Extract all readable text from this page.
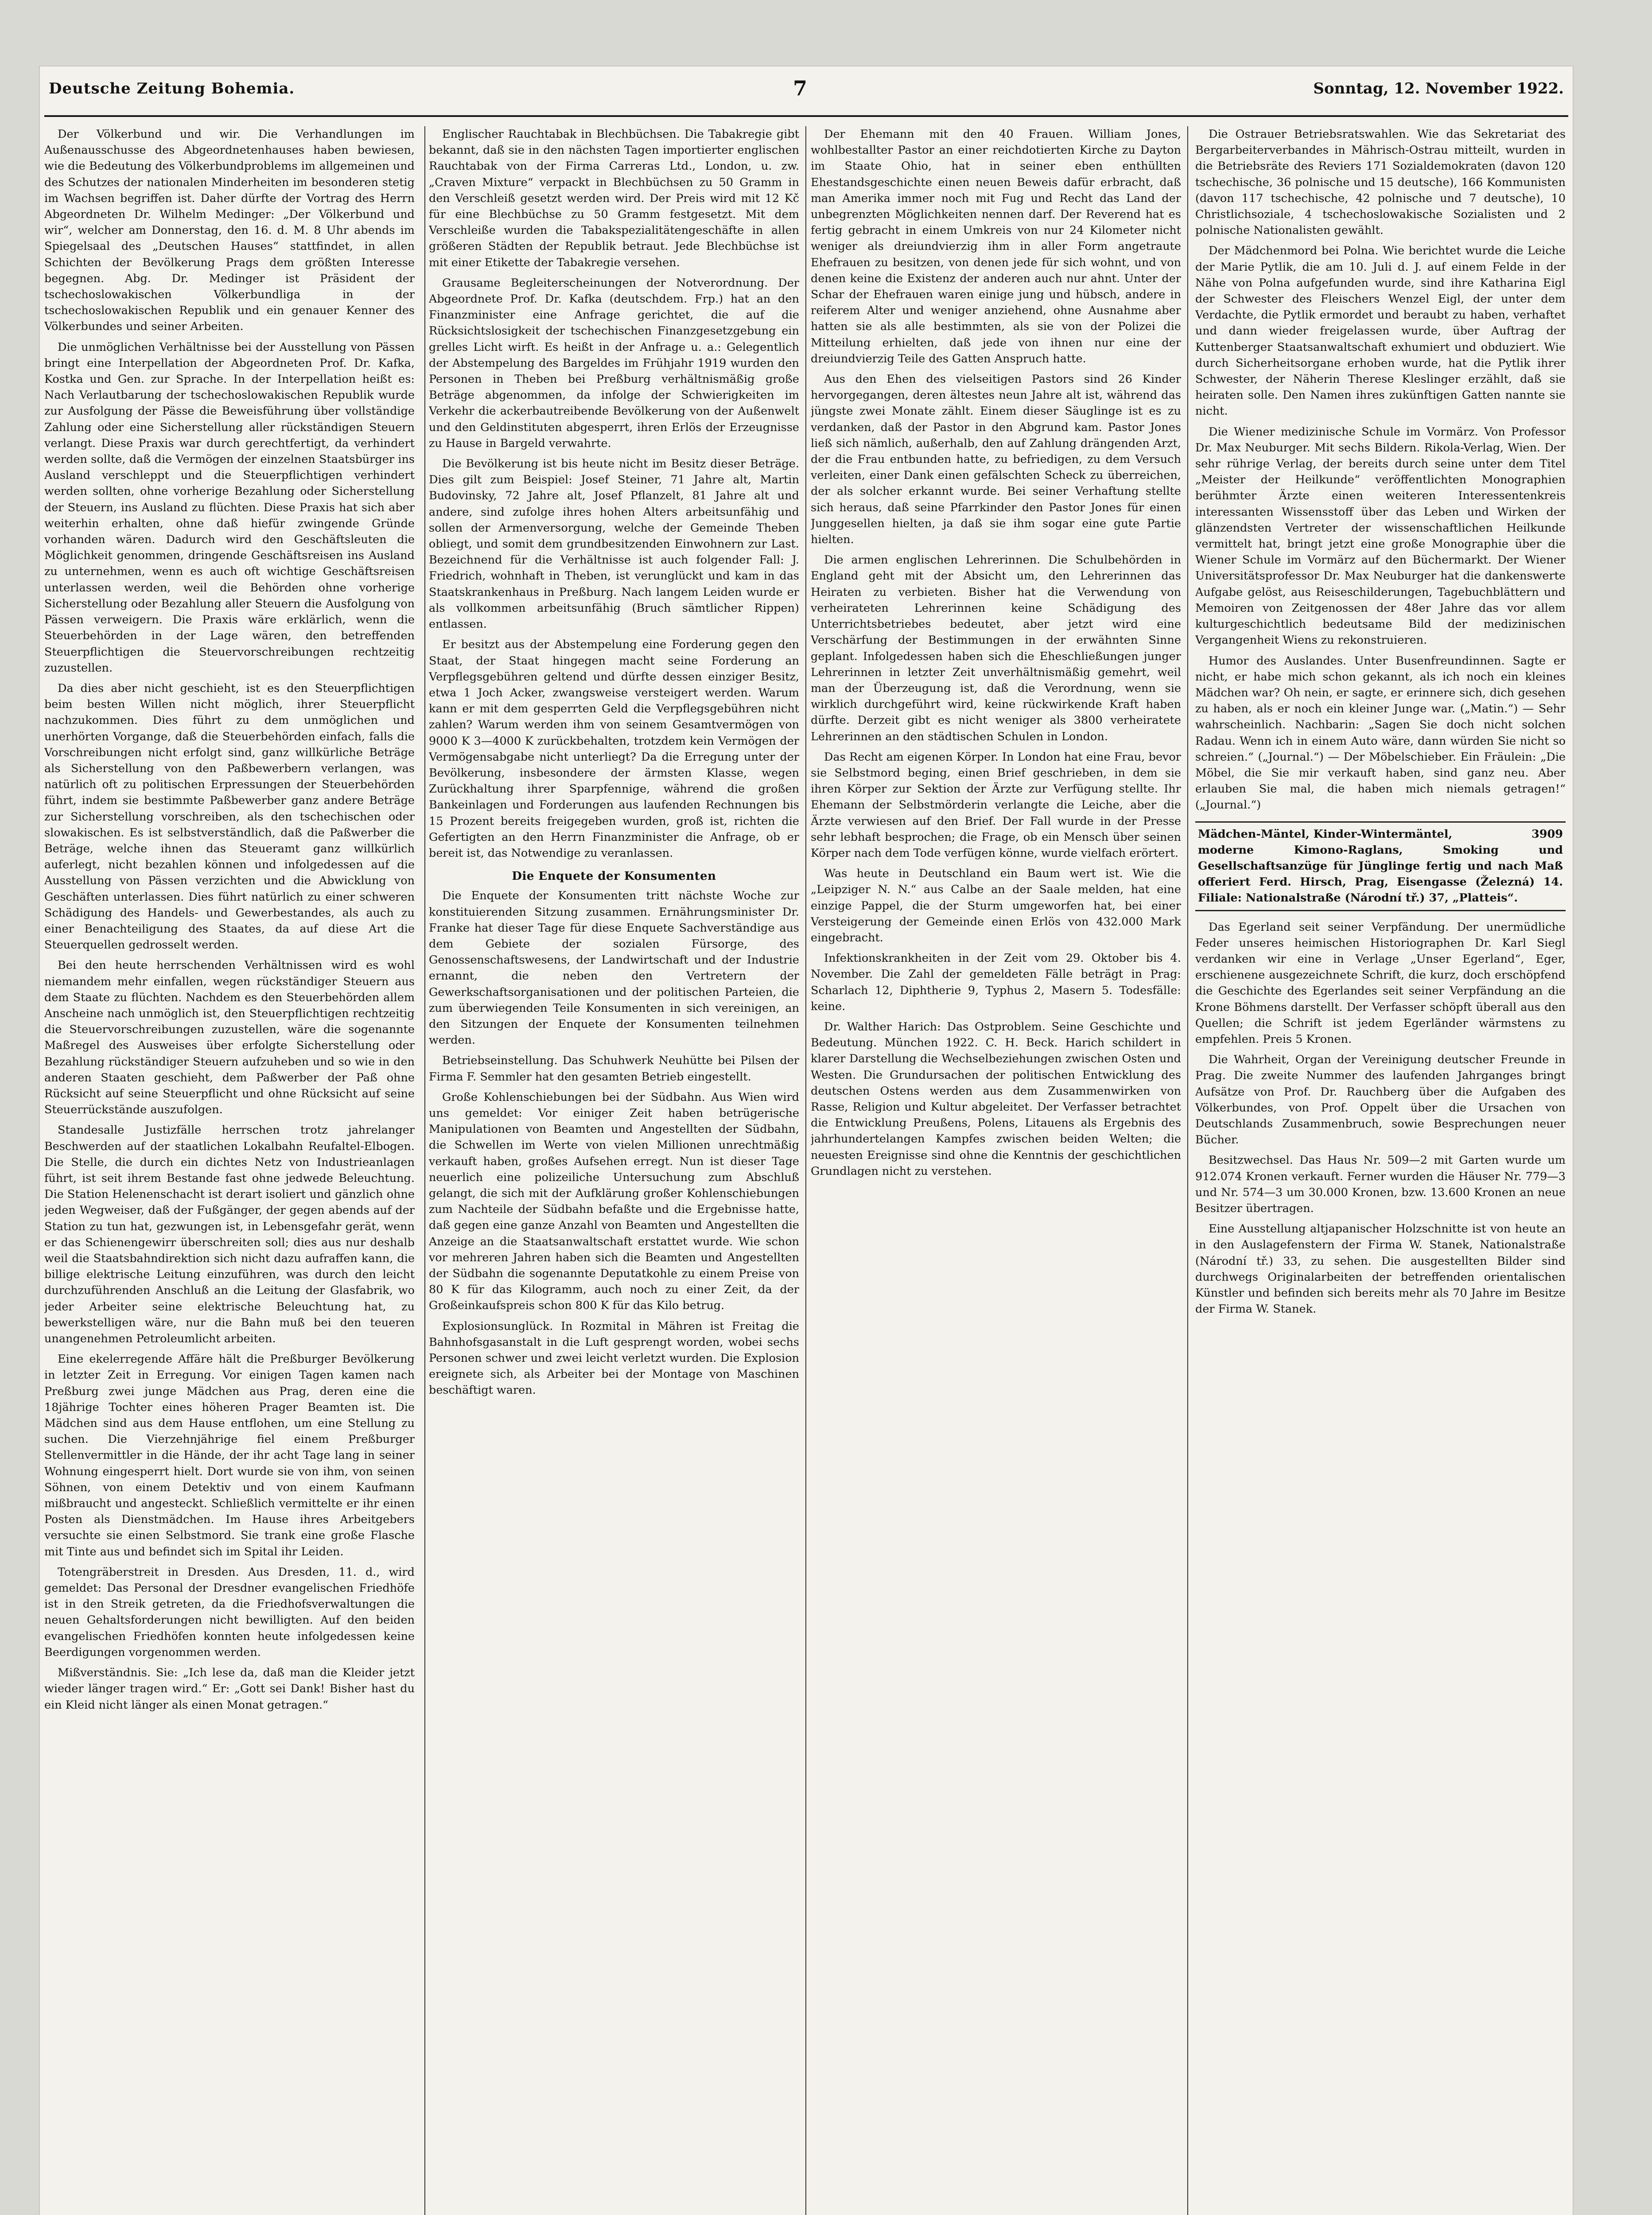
Deutsche Zeitung Bohemia.	7	Sonntag, 12. November 1922.

Der Völkerbund und wir. Die Verhandlungen im Außenausschusse des Abgeordnetenhauses haben bewiesen, wie die Bedeutung des Völkerbundproblems im allgemeinen und des Schutzes der nationalen Minderheiten im besonderen stetig im Wachsen begriffen ist. Daher dürfte der Vortrag des Herrn Abgeordneten Dr. Wilhelm Medinger: „Der Völkerbund und wir“, welcher am Donnerstag, den 16. d. M. 8 Uhr abends im Spiegelsaal des „Deutschen Hauses“ stattfindet, in allen Schichten der Bevölkerung Prags dem größten Interesse begegnen. Abg. Dr. Medinger ist Präsident der tschechoslowakischen Völkerbundliga in der tschechoslowakischen Republik und ein genauer Kenner des Völkerbundes und seiner Arbeiten.

Die unmöglichen Verhältnisse bei der Ausstellung von Pässen bringt eine Interpellation der Abgeordneten Prof. Dr. Kafka, Kostka und Gen. zur Sprache. In der Interpellation heißt es: Nach Verlautbarung der tschechoslowakischen Republik wurde zur Ausfolgung der Pässe die Beweisführung über vollständige Zahlung oder eine Sicherstellung aller rückständigen Steuern verlangt. Diese Praxis war durch gerechtfertigt, da verhindert werden sollte, daß die Vermögen der einzelnen Staatsbürger ins Ausland verschleppt und die Steuerpflichtigen verhindert werden sollten, ohne vorherige Bezahlung oder Sicherstellung der Steuern, ins Ausland zu flüchten. Diese Praxis hat sich aber weiterhin erhalten, ohne daß hiefür zwingende Gründe vorhanden wären. Dadurch wird den Geschäftsleuten die Möglichkeit genommen, dringende Geschäftsreisen ins Ausland zu unternehmen, wenn es auch oft wichtige Geschäftsreisen unterlassen werden, weil die Behörden ohne vorherige Sicherstellung oder Bezahlung aller Steuern die Ausfolgung von Pässen verweigern. Die Praxis wäre erklärlich, wenn die Steuerbehörden in der Lage wären, den betreffenden Steuerpflichtigen die Steuervorschreibungen rechtzeitig zuzustellen.

Da dies aber nicht geschieht, ist es den Steuerpflichtigen beim besten Willen nicht möglich, ihrer Steuerpflicht nachzukommen. Dies führt zu dem unmöglichen und unerhörten Vorgange, daß die Steuerbehörden einfach, falls die Vorschreibungen nicht erfolgt sind, ganz willkürliche Beträge als Sicherstellung von den Paßbewerbern verlangen, was natürlich oft zu politischen Erpressungen der Steuerbehörden führt, indem sie bestimmte Paßbewerber ganz andere Beträge zur Sicherstellung vorschreiben, als den tschechischen oder slowakischen. Es ist selbstverständlich, daß die Paßwerber die Beträge, welche ihnen das Steueramt ganz willkürlich auferlegt, nicht bezahlen können und infolgedessen auf die Ausstellung von Pässen verzichten und die Abwicklung von Geschäften unterlassen. Dies führt natürlich zu einer schweren Schädigung des Handels- und Gewerbestandes, als auch zu einer Benachteiligung des Staates, da auf diese Art die Steuerquellen gedrosselt werden.

Bei den heute herrschenden Verhältnissen wird es wohl niemandem mehr einfallen, wegen rückständiger Steuern aus dem Staate zu flüchten. Nachdem es den Steuerbehörden allem Anscheine nach unmöglich ist, den Steuerpflichtigen rechtzeitig die Steuervorschreibungen zuzustellen, wäre die sogenannte Maßregel des Ausweises über erfolgte Sicherstellung oder Bezahlung rückständiger Steuern aufzuheben und so wie in den anderen Staaten geschieht, dem Paßwerber der Paß ohne Rücksicht auf seine Steuerpflicht und ohne Rücksicht auf seine Steuerrückstände auszufolgen.

Standesalle Justizfälle herrschen trotz jahrelanger Beschwerden auf der staatlichen Lokalbahn Reufaltel-Elbogen. Die Stelle, die durch ein dichtes Netz von Industrieanlagen führt, ist seit ihrem Bestande fast ohne jedwede Beleuchtung. Die Station Helenenschacht ist derart isoliert und gänzlich ohne jeden Wegweiser, daß der Fußgänger, der gegen abends auf der Station zu tun hat, gezwungen ist, in Lebensgefahr gerät, wenn er das Schienengewirr überschreiten soll; dies aus nur deshalb weil die Staatsbahndirektion sich nicht dazu aufraffen kann, die billige elektrische Leitung einzuführen, was durch den leicht durchzuführenden Anschluß an die Leitung der Glasfabrik, wo jeder Arbeiter seine elektrische Beleuchtung hat, zu bewerkstelligen wäre, nur die Bahn muß bei den teueren unangenehmen Petroleumlicht arbeiten.

Eine ekelerregende Affäre hält die Preßburger Bevölkerung in letzter Zeit in Erregung. Vor einigen Tagen kamen nach Preßburg zwei junge Mädchen aus Prag, deren eine die 18jährige Tochter eines höheren Prager Beamten ist. Die Mädchen sind aus dem Hause entflohen, um eine Stellung zu suchen. Die Vierzehnjährige fiel einem Preßburger Stellenvermittler in die Hände, der ihr acht Tage lang in seiner Wohnung eingesperrt hielt. Dort wurde sie von ihm, von seinen Söhnen, von einem Detektiv und von einem Kaufmann mißbraucht und angesteckt. Schließlich vermittelte er ihr einen Posten als Dienstmädchen. Im Hause ihres Arbeitgebers versuchte sie einen Selbstmord. Sie trank eine große Flasche mit Tinte aus und befindet sich im Spital ihr Leiden.

Totengräberstreit in Dresden. Aus Dresden, 11. d., wird gemeldet: Das Personal der Dresdner evangelischen Friedhöfe ist in den Streik getreten, da die Friedhofsverwaltungen die neuen Gehaltsforderungen nicht bewilligten. Auf den beiden evangelischen Friedhöfen konnten heute infolgedessen keine Beerdigungen vorgenommen werden.

Mißverständnis. Sie: „Ich lese da, daß man die Kleider jetzt wieder länger tragen wird.“ Er: „Gott sei Dank! Bisher hast du ein Kleid nicht länger als einen Monat getragen.“

Englischer Rauchtabak in Blechbüchsen. Die Tabakregie gibt bekannt, daß sie in den nächsten Tagen importierter englischen Rauchtabak von der Firma Carreras Ltd., London, u. zw. „Craven Mixture“ verpackt in Blechbüchsen zu 50 Gramm in den Verschleiß gesetzt werden wird. Der Preis wird mit 12 Kč für eine Blechbüchse zu 50 Gramm festgesetzt. Mit dem Verschleiße wurden die Tabakspezialitätengeschäfte in allen größeren Städten der Republik betraut. Jede Blechbüchse ist mit einer Etikette der Tabakregie versehen.

Grausame Begleiterscheinungen der Notverordnung. Der Abgeordnete Prof. Dr. Kafka (deutschdem. Frp.) hat an den Finanzminister eine Anfrage gerichtet, die auf die Rücksichtslosigkeit der tschechischen Finanzgesetzgebung ein grelles Licht wirft. Es heißt in der Anfrage u. a.: Gelegentlich der Abstempelung des Bargeldes im Frühjahr 1919 wurden den Personen in Theben bei Preßburg verhältnismäßig große Beträge abgenommen, da infolge der Schwierigkeiten im Verkehr die ackerbautreibende Bevölkerung von der Außenwelt und den Geldinstituten abgesperrt, ihren Erlös der Erzeugnisse zu Hause in Bargeld verwahrte.

Die Bevölkerung ist bis heute nicht im Besitz dieser Beträge. Dies gilt zum Beispiel: Josef Steiner, 71 Jahre alt, Martin Budovinsky, 72 Jahre alt, Josef Pflanzelt, 81 Jahre alt und andere, sind zufolge ihres hohen Alters arbeitsunfähig und sollen der Armenversorgung, welche der Gemeinde Theben obliegt, und somit dem grundbesitzenden Einwohnern zur Last. Bezeichnend für die Verhältnisse ist auch folgender Fall: J. Friedrich, wohnhaft in Theben, ist verunglückt und kam in das Staatskrankenhaus in Preßburg. Nach langem Leiden wurde er als vollkommen arbeitsunfähig (Bruch sämtlicher Rippen) entlassen.

Er besitzt aus der Abstempelung eine Forderung gegen den Staat, der Staat hingegen macht seine Forderung an Verpflegsgebühren geltend und dürfte dessen einziger Besitz, etwa 1 Joch Acker, zwangsweise versteigert werden. Warum kann er mit dem gesperrten Geld die Verpflegsgebühren nicht zahlen? Warum werden ihm von seinem Gesamtvermögen von 9000 K 3—4000 K zurückbehalten, trotzdem kein Vermögen der Vermögensabgabe nicht unterliegt? Da die Erregung unter der Bevölkerung, insbesondere der ärmsten Klasse, wegen Zurückhaltung ihrer Sparpfennige, während die großen Bankeinlagen und Forderungen aus laufenden Rechnungen bis 15 Prozent bereits freigegeben wurden, groß ist, richten die Gefertigten an den Herrn Finanzminister die Anfrage, ob er bereit ist, das Notwendige zu veranlassen.

Die Enquete der Konsumenten

Die Enquete der Konsumenten tritt nächste Woche zur konstituierenden Sitzung zusammen. Ernährungsminister Dr. Franke hat dieser Tage für diese Enquete Sachverständige aus dem Gebiete der sozialen Fürsorge, des Genossenschaftswesens, der Landwirtschaft und der Industrie ernannt, die neben den Vertretern der Gewerkschaftsorganisationen und der politischen Parteien, die zum überwiegenden Teile Konsumenten in sich vereinigen, an den Sitzungen der Enquete der Konsumenten teilnehmen werden.

Betriebseinstellung. Das Schuhwerk Neuhütte bei Pilsen der Firma F. Semmler hat den gesamten Betrieb eingestellt.

Große Kohlenschiebungen bei der Südbahn. Aus Wien wird uns gemeldet: Vor einiger Zeit haben betrügerische Manipulationen von Beamten und Angestellten der Südbahn, die Schwellen im Werte von vielen Millionen unrechtmäßig verkauft haben, großes Aufsehen erregt. Nun ist dieser Tage neuerlich eine polizeiliche Untersuchung zum Abschluß gelangt, die sich mit der Aufklärung großer Kohlenschiebungen zum Nachteile der Südbahn befaßte und die Ergebnisse hatte, daß gegen eine ganze Anzahl von Beamten und Angestellten die Anzeige an die Staatsanwaltschaft erstattet wurde. Wie schon vor mehreren Jahren haben sich die Beamten und Angestellten der Südbahn die sogenannte Deputatkohle zu einem Preise von 80 K für das Kilogramm, auch noch zu einer Zeit, da der Großeinkaufspreis schon 800 K für das Kilo betrug.

Explosionsunglück. In Rozmital in Mähren ist Freitag die Bahnhofsgasanstalt in die Luft gesprengt worden, wobei sechs Personen schwer und zwei leicht verletzt wurden. Die Explosion ereignete sich, als Arbeiter bei der Montage von Maschinen beschäftigt waren.

Der Ehemann mit den 40 Frauen. William Jones, wohlbestallter Pastor an einer reichdotierten Kirche zu Dayton im Staate Ohio, hat in seiner eben enthüllten Ehestandsgeschichte einen neuen Beweis dafür erbracht, daß man Amerika immer noch mit Fug und Recht das Land der unbegrenzten Möglichkeiten nennen darf. Der Reverend hat es fertig gebracht in einem Umkreis von nur 24 Kilometer nicht weniger als dreiundvierzig ihm in aller Form angetraute Ehefrauen zu besitzen, von denen jede für sich wohnt, und von denen keine die Existenz der anderen auch nur ahnt. Unter der Schar der Ehefrauen waren einige jung und hübsch, andere in reiferem Alter und weniger anziehend, ohne Ausnahme aber hatten sie als alle bestimmten, als sie von der Polizei die Mitteilung erhielten, daß jede von ihnen nur eine der dreiundvierzig Teile des Gatten Anspruch hatte.

Aus den Ehen des vielseitigen Pastors sind 26 Kinder hervorgegangen, deren ältestes neun Jahre alt ist, während das jüngste zwei Monate zählt. Einem dieser Säuglinge ist es zu verdanken, daß der Pastor in den Abgrund kam. Pastor Jones ließ sich nämlich, außerhalb, den auf Zahlung drängenden Arzt, der die Frau entbunden hatte, zu befriedigen, zu dem Versuch verleiten, einer Dank einen gefälschten Scheck zu überreichen, der als solcher erkannt wurde. Bei seiner Verhaftung stellte sich heraus, daß seine Pfarrkinder den Pastor Jones für einen Junggesellen hielten, ja daß sie ihm sogar eine gute Partie hielten.

Die armen englischen Lehrerinnen. Die Schulbehörden in England geht mit der Absicht um, den Lehrerinnen das Heiraten zu verbieten. Bisher hat die Verwendung von verheirateten Lehrerinnen keine Schädigung des Unterrichtsbetriebes bedeutet, aber jetzt wird eine Verschärfung der Bestimmungen in der erwähnten Sinne geplant. Infolgedessen haben sich die Eheschließungen junger Lehrerinnen in letzter Zeit unverhältnismäßig gemehrt, weil man der Überzeugung ist, daß die Verordnung, wenn sie wirklich durchgeführt wird, keine rückwirkende Kraft haben dürfte. Derzeit gibt es nicht weniger als 3800 verheiratete Lehrerinnen an den städtischen Schulen in London.

Das Recht am eigenen Körper. In London hat eine Frau, bevor sie Selbstmord beging, einen Brief geschrieben, in dem sie ihren Körper zur Sektion der Ärzte zur Verfügung stellte. Ihr Ehemann der Selbstmörderin verlangte die Leiche, aber die Ärzte verwiesen auf den Brief. Der Fall wurde in der Presse sehr lebhaft besprochen; die Frage, ob ein Mensch über seinen Körper nach dem Tode verfügen könne, wurde vielfach erörtert.

Was heute in Deutschland ein Baum wert ist. Wie die „Leipziger N. N.“ aus Calbe an der Saale melden, hat eine einzige Pappel, die der Sturm umgeworfen hat, bei einer Versteigerung der Gemeinde einen Erlös von 432.000 Mark eingebracht.

Infektionskrankheiten in der Zeit vom 29. Oktober bis 4. November. Die Zahl der gemeldeten Fälle beträgt in Prag: Scharlach 12, Diphtherie 9, Typhus 2, Masern 5. Todesfälle: keine.

Dr. Walther Harich: Das Ostproblem. Seine Geschichte und Bedeutung. München 1922. C. H. Beck. Harich schildert in klarer Darstellung die Wechselbeziehungen zwischen Osten und Westen. Die Grundursachen der politischen Entwicklung des deutschen Ostens werden aus dem Zusammenwirken von Rasse, Religion und Kultur abgeleitet. Der Verfasser betrachtet die Entwicklung Preußens, Polens, Litauens als Ergebnis des jahrhundertelangen Kampfes zwischen beiden Welten; die neuesten Ereignisse sind ohne die Kenntnis der geschichtlichen Grundlagen nicht zu verstehen.

Die Ostrauer Betriebsratswahlen. Wie das Sekretariat des Bergarbeiterverbandes in Mährisch-Ostrau mitteilt, wurden in die Betriebsräte des Reviers 171 Sozialdemokraten (davon 120 tschechische, 36 polnische und 15 deutsche), 166 Kommunisten (davon 117 tschechische, 42 polnische und 7 deutsche), 10 Christlichsoziale, 4 tschechoslowakische Sozialisten und 2 polnische Nationalisten gewählt.

Der Mädchenmord bei Polna. Wie berichtet wurde die Leiche der Marie Pytlik, die am 10. Juli d. J. auf einem Felde in der Nähe von Polna aufgefunden wurde, sind ihre Katharina Eigl der Schwester des Fleischers Wenzel Eigl, der unter dem Verdachte, die Pytlik ermordet und beraubt zu haben, verhaftet und dann wieder freigelassen wurde, über Auftrag der Kuttenberger Staatsanwaltschaft exhumiert und obduziert. Wie durch Sicherheitsorgane erhoben wurde, hat die Pytlik ihrer Schwester, der Näherin Therese Kleslinger erzählt, daß sie heiraten solle. Den Namen ihres zukünftigen Gatten nannte sie nicht.

Die Wiener medizinische Schule im Vormärz. Von Professor Dr. Max Neuburger. Mit sechs Bildern. Rikola-Verlag, Wien. Der sehr rührige Verlag, der bereits durch seine unter dem Titel „Meister der Heilkunde“ veröffentlichten Monographien berühmter Ärzte einen weiteren Interessentenkreis interessanten Wissensstoff über das Leben und Wirken der glänzendsten Vertreter der wissenschaftlichen Heilkunde vermittelt hat, bringt jetzt eine große Monographie über die Wiener Schule im Vormärz auf den Büchermarkt. Der Wiener Universitätsprofessor Dr. Max Neuburger hat die dankenswerte Aufgabe gelöst, aus Reiseschilderungen, Tagebuchblättern und Memoiren von Zeitgenossen der 48er Jahre das vor allem kulturgeschichtlich bedeutsame Bild der medizinischen Vergangenheit Wiens zu rekonstruieren.

Humor des Auslandes. Unter Busenfreundinnen. Sagte er nicht, er habe mich schon gekannt, als ich noch ein kleines Mädchen war? Oh nein, er sagte, er erinnere sich, dich gesehen zu haben, als er noch ein kleiner Junge war. („Matin.“) — Sehr wahrscheinlich. Nachbarin: „Sagen Sie doch nicht solchen Radau. Wenn ich in einem Auto wäre, dann würden Sie nicht so schreien.“ („Journal.“) — Der Möbelschieber. Ein Fräulein: „Die Möbel, die Sie mir verkauft haben, sind ganz neu. Aber erlauben Sie mal, die haben mich niemals getragen!“ („Journal.“)

3909
Mädchen-Mäntel, Kinder-Wintermäntel,
moderne Kimono-Raglans, Smoking und Gesellschaftsanzüge für Jünglinge fertig und nach Maß offeriert Ferd. Hirsch, Prag, Eisengasse (Železná) 14. Filiale: Nationalstraße (Národní tř.) 37, „Platteis“.

Das Egerland seit seiner Verpfändung. Der unermüdliche Feder unseres heimischen Historiographen Dr. Karl Siegl verdanken wir eine in Verlage „Unser Egerland“, Eger, erschienene ausgezeichnete Schrift, die kurz, doch erschöpfend die Geschichte des Egerlandes seit seiner Verpfändung an die Krone Böhmens darstellt. Der Verfasser schöpft überall aus den Quellen; die Schrift ist jedem Egerländer wärmstens zu empfehlen. Preis 5 Kronen.

Die Wahrheit, Organ der Vereinigung deutscher Freunde in Prag. Die zweite Nummer des laufenden Jahrganges bringt Aufsätze von Prof. Dr. Rauchberg über die Aufgaben des Völkerbundes, von Prof. Oppelt über die Ursachen von Deutschlands Zusammenbruch, sowie Besprechungen neuer Bücher.

Besitzwechsel. Das Haus Nr. 509—2 mit Garten wurde um 912.074 Kronen verkauft. Ferner wurden die Häuser Nr. 779—3 und Nr. 574—3 um 30.000 Kronen, bzw. 13.600 Kronen an neue Besitzer übertragen.

Eine Ausstellung altjapanischer Holzschnitte ist von heute an in den Auslagefenstern der Firma W. Stanek, Nationalstraße (Národní tř.) 33, zu sehen. Die ausgestellten Bilder sind durchwegs Originalarbeiten der betreffenden orientalischen Künstler und befinden sich bereits mehr als 70 Jahre im Besitze der Firma W. Stanek.
